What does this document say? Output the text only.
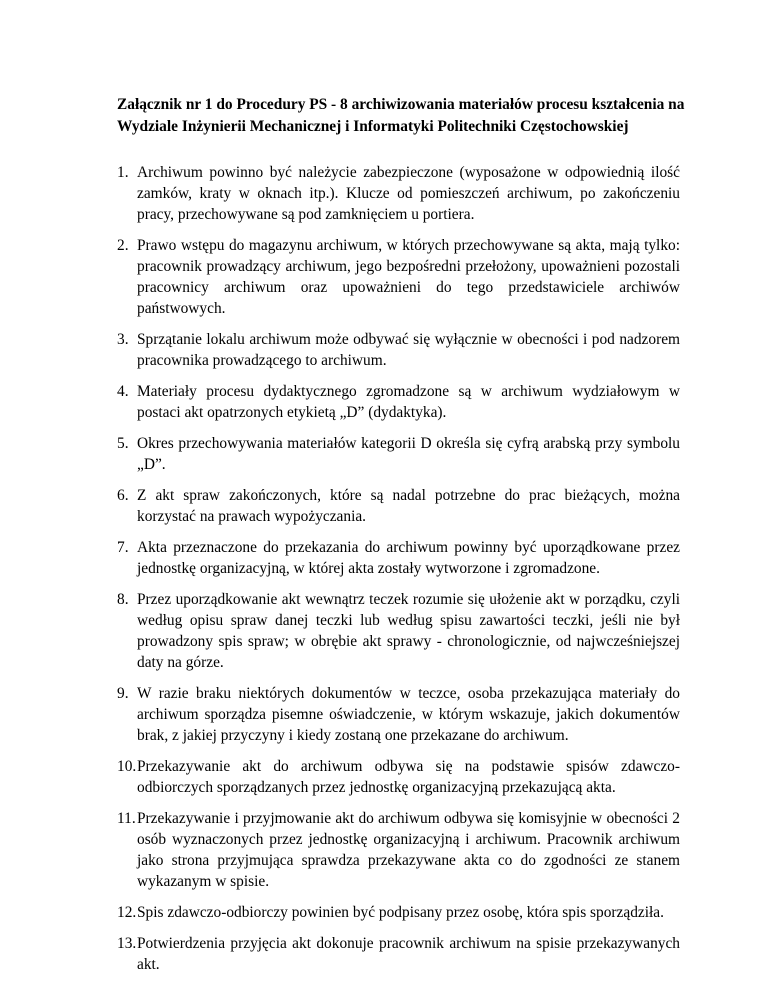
Załącznik nr 1 do Procedury PS - 8 archiwizowania materiałów procesu kształcenia na Wydziale Inżynierii Mechanicznej i Informatyki Politechniki Częstochowskiej
1. Archiwum powinno być należycie zabezpieczone (wyposażone w odpowiednią ilość zamków, kraty w oknach itp.). Klucze od pomieszczeń archiwum, po zakończeniu pracy, przechowywane są pod zamknięciem u portiera.
2. Prawo wstępu do magazynu archiwum, w których przechowywane są akta, mają tylko: pracownik prowadzący archiwum, jego bezpośredni przełożony, upoważnieni pozostali pracownicy archiwum oraz upoważnieni do tego przedstawiciele archiwów państwowych.
3. Sprzątanie lokalu archiwum może odbywać się wyłącznie w obecności i pod nadzorem pracownika prowadzącego to archiwum.
4. Materiały procesu dydaktycznego zgromadzone są w archiwum wydziałowym w postaci akt opatrzonych etykietą „D” (dydaktyka).
5. Okres przechowywania materiałów kategorii D określa się cyfrą arabską przy symbolu „D”.
6. Z akt spraw zakończonych, które są nadal potrzebne do prac bieżących, można korzystać na prawach wypożyczania.
7. Akta przeznaczone do przekazania do archiwum powinny być uporządkowane przez jednostkę organizacyjną, w której akta zostały wytworzone i zgromadzone.
8. Przez uporządkowanie akt wewnątrz teczek rozumie się ułożenie akt w porządku, czyli według opisu spraw danej teczki lub według spisu zawartości teczki, jeśli nie był prowadzony spis spraw; w obrębie akt sprawy - chronologicznie, od najwcześniejszej daty na górze.
9. W razie braku niektórych dokumentów w teczce, osoba przekazująca materiały do archiwum sporządza pisemne oświadczenie, w którym wskazuje, jakich dokumentów brak, z jakiej przyczyny i kiedy zostaną one przekazane do archiwum.
10. Przekazywanie akt do archiwum odbywa się na podstawie spisów zdawczo-odbiorczych sporządzanych przez jednostkę organizacyjną przekazującą akta.
11. Przekazywanie i przyjmowanie akt do archiwum odbywa się komisyjnie w obecności 2 osób wyznaczonych przez jednostkę organizacyjną i archiwum. Pracownik archiwum jako strona przyjmująca sprawdza przekazywane akta co do zgodności ze stanem wykazanym w spisie.
12. Spis zdawczo-odbiorczy powinien być podpisany przez osobę, która spis sporządziła.
13. Potwierdzenia przyjęcia akt dokonuje pracownik archiwum na spisie przekazywanych akt.
